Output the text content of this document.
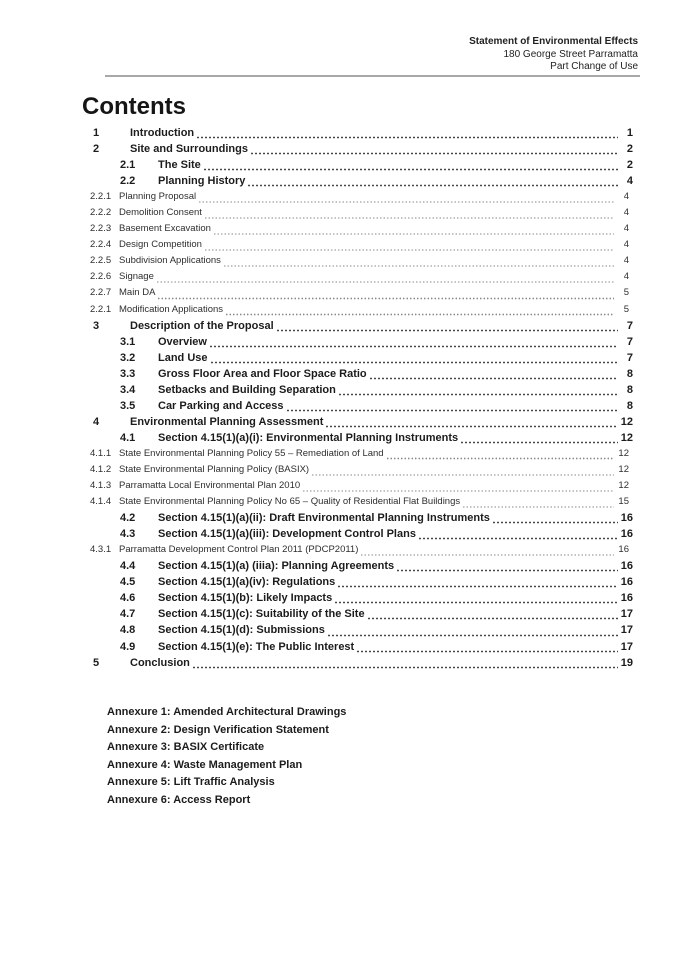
Statement of Environmental Effects
180 George Street Parramatta
Part Change of Use
Contents
1	Introduction	1
2	Site and Surroundings	2
2.1	The Site	2
2.2	Planning History	4
2.2.1 Planning Proposal	4
2.2.2 Demolition Consent	4
2.2.3 Basement Excavation	4
2.2.4 Design Competition	4
2.2.5 Subdivision Applications	4
2.2.6 Signage	4
2.2.7 Main DA	5
2.2.1 Modification Applications	5
3	Description of the Proposal	7
3.1	Overview	7
3.2	Land Use	7
3.3	Gross Floor Area and Floor Space Ratio	8
3.4	Setbacks and Building Separation	8
3.5	Car Parking and Access	8
4	Environmental Planning Assessment	12
4.1	Section 4.15(1)(a)(i): Environmental Planning Instruments	12
4.1.1 State Environmental Planning Policy 55 – Remediation of Land	12
4.1.2 State Environmental Planning Policy (BASIX)	12
4.1.3 Parramatta Local Environmental Plan 2010	12
4.1.4 State Environmental Planning Policy No 65 – Quality of Residential Flat Buildings	15
4.2	Section 4.15(1)(a)(ii): Draft Environmental Planning Instruments	16
4.3	Section 4.15(1)(a)(iii): Development Control Plans	16
4.3.1 Parramatta Development Control Plan 2011 (PDCP2011)	16
4.4	Section 4.15(1)(a) (iiia): Planning Agreements	16
4.5	Section 4.15(1)(a)(iv): Regulations	16
4.6	Section 4.15(1)(b): Likely Impacts	16
4.7	Section 4.15(1)(c): Suitability of the Site	17
4.8	Section 4.15(1)(d): Submissions	17
4.9	Section 4.15(1)(e): The Public Interest	17
5	Conclusion	19
Annexure 1: Amended Architectural Drawings
Annexure 2: Design Verification Statement
Annexure 3: BASIX Certificate
Annexure 4: Waste Management Plan
Annexure 5: Lift Traffic Analysis
Annexure 6: Access Report
